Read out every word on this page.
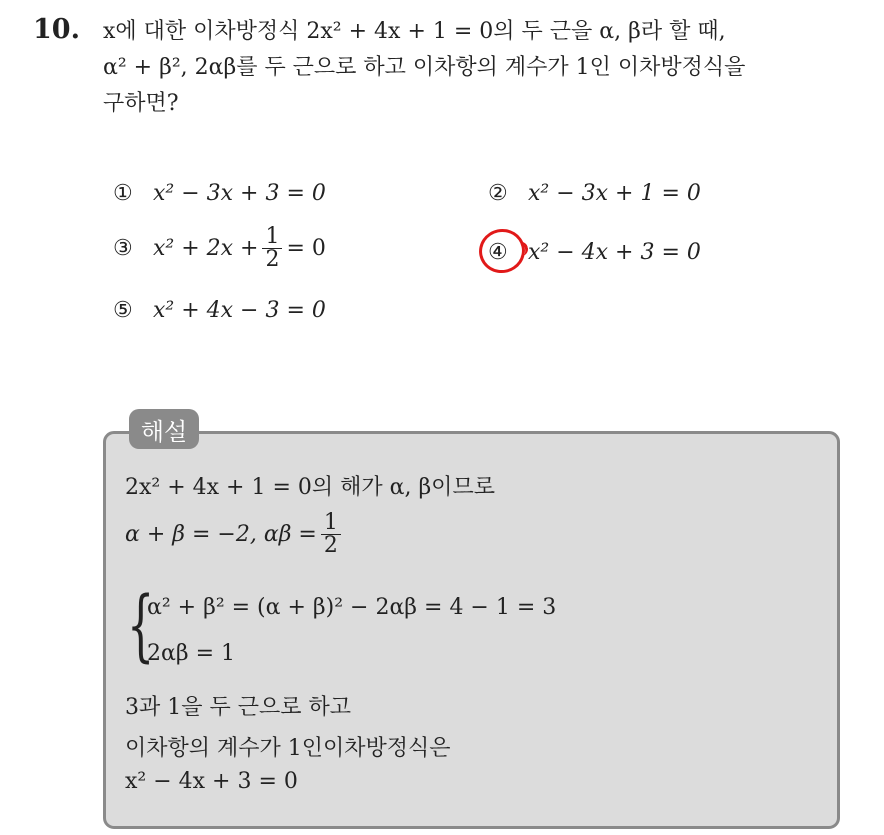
10. x에 대한 이차방정식 2x² + 4x + 1 = 0의 두 근을 α, β라 할 때,
α² + β², 2αβ를 두 근으로 하고 이차항의 계수가 1인 이차방정식을
구하면?
① x² − 3x + 3 = 0	② x² − 3x + 1 = 0
③ $x^2 + 2x + \frac{1}{2} = 0$	④ x² − 4x + 3 = 0
⑤ x² + 4x − 3 = 0
해설
2x² + 4x + 1 = 0의 해가 α, β이므로
α + β = −2, $\alpha\beta = \frac{1}{2}$
{
α² + β² = (α + β)² − 2αβ = 4 − 1 = 3
2αβ = 1
3과 1을 두 근으로 하고
이차항의 계수가 1인이차방정식은
x² − 4x + 3 = 0
